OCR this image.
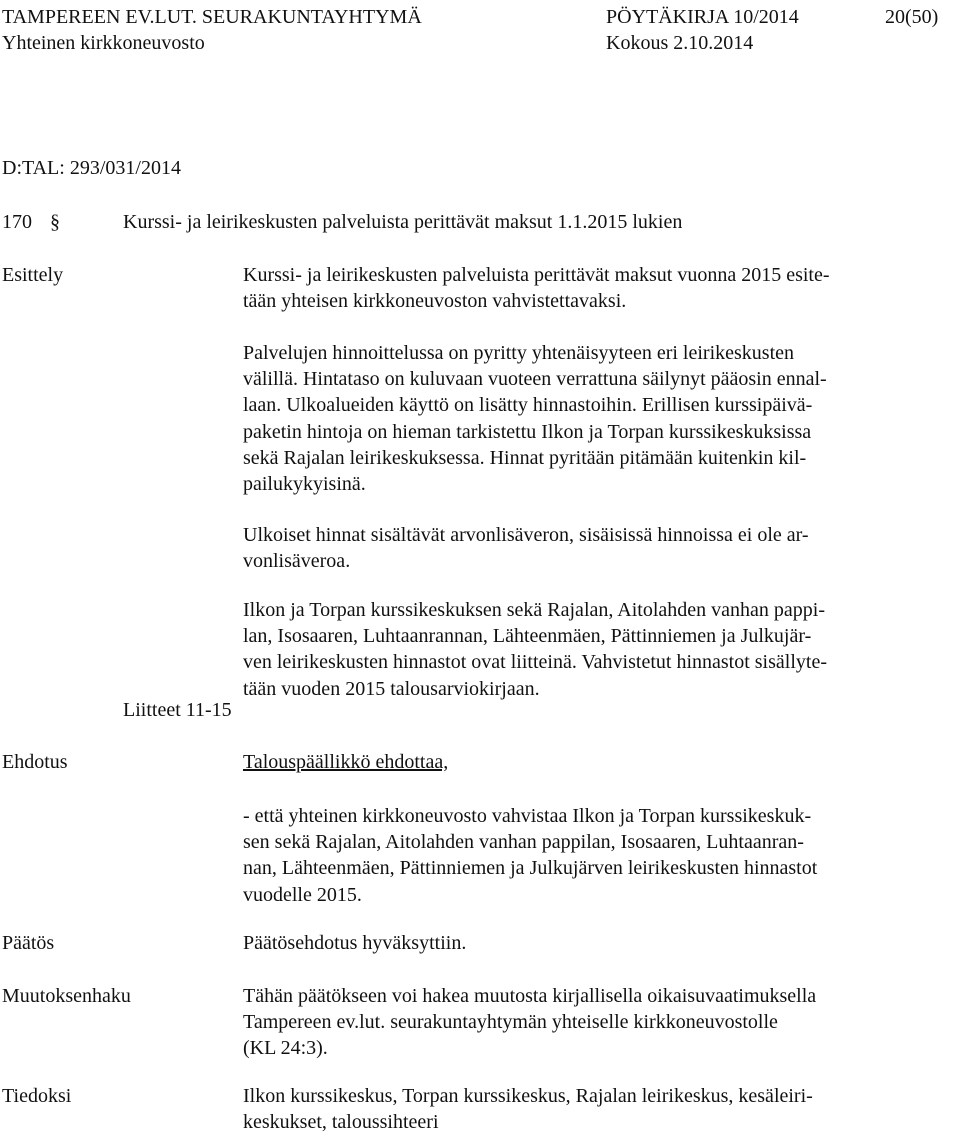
TAMPEREEN EV.LUT. SEURAKUNTAYHTYMÄ	PÖYTÄKIRJA 10/2014	20(50)
Yhteinen kirkkoneuvosto	Kokous 2.10.2014
D:TAL: 293/031/2014
170 §	Kurssi- ja leirikeskusten palveluista perittävät maksut 1.1.2015 lukien
Esittely	Kurssi- ja leirikeskusten palveluista perittävät maksut vuonna 2015 esite-
tään yhteisen kirkkoneuvoston vahvistettavaksi.
Palvelujen hinnoittelussa on pyritty yhtenäisyyteen eri leirikeskusten
välillä. Hintataso on kuluvaan vuoteen verrattuna säilynyt pääosin ennal-
laan. Ulkoalueiden käyttö on lisätty hinnastoihin. Erillisen kurssipäivä-
paketin hintoja on hieman tarkistettu Ilkon ja Torpan kurssikeskuksissa
sekä Rajalan leirikeskuksessa. Hinnat pyritään pitämään kuitenkin kil-
pailukykyisinä.
Ulkoiset hinnat sisältävät arvonlisäveron, sisäisissä hinnoissa ei ole ar-
vonlisäveroa.
Ilkon ja Torpan kurssikeskuksen sekä Rajalan, Aitolahden vanhan pappi-
lan, Isosaaren, Luhtaanrannan, Lähteenmäen, Pättinniemen ja Julkujär-
ven leirikeskusten hinnastot ovat liitteinä. Vahvistetut hinnastot sisällyte-
tään vuoden 2015 talousarviokirjaan.
Liitteet 11-15
Ehdotus	Talouspäällikkö ehdottaa,
- että yhteinen kirkkoneuvosto vahvistaa Ilkon ja Torpan kurssikeskuk-
sen sekä Rajalan, Aitolahden vanhan pappilan, Isosaaren, Luhtaanran-
nan, Lähteenmäen, Pättinniemen ja Julkujärven leirikeskusten hinnastot
vuodelle 2015.
Päätös	Päätösehdotus hyväksyttiin.
Muutoksenhaku	Tähän päätökseen voi hakea muutosta kirjallisella oikaisuvaatimuksella
Tampereen ev.lut. seurakuntayhtymän yhteiselle kirkkoneuvostolle
(KL 24:3).
Tiedoksi	Ilkon kurssikeskus, Torpan kurssikeskus, Rajalan leirikeskus, kesäleiri-
keskukset, taloussihteeri
